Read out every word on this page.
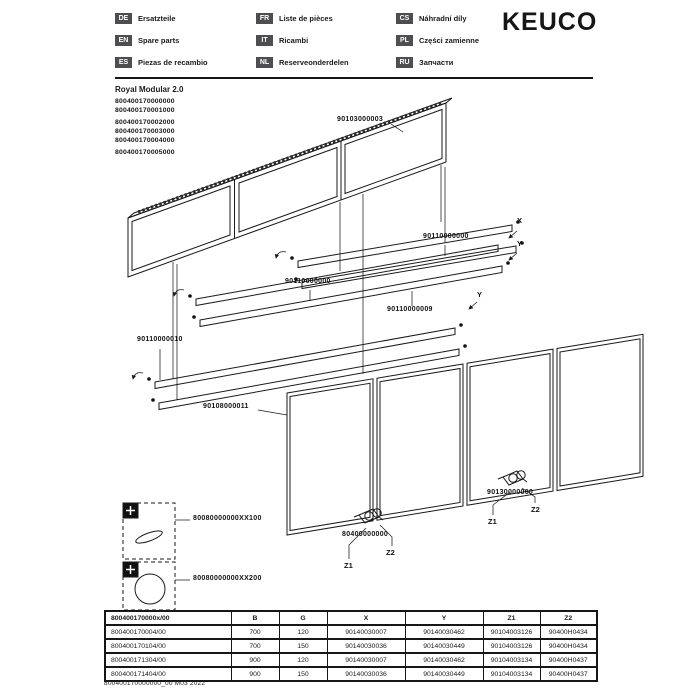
DE	Ersatzteile
EN	Spare parts
ES	Piezas de recambio
FR	Liste de pièces
IT	Ricambi
NL	Reserveonderdelen
CS	Náhradní díly
PL	Części zamienne
RU	Запчасти
KEUCO
Royal Modular 2.0
800400170000000
800400170001000
800400170002000
800400170003000
800400170004000
800400170005000
90103000003
90110000000
90110000000
90110000009
90110000010
90108000011
80400000000
90130000000
X
Y
Y
Z1
Z2
Z1
Z2
80080000000XX100
80080000000XX200
800400170000x/00	B	G	X	Y	Z1	Z2
800400170004/00	700	120	90140030007	90140030462	90104003126	90400H0434
800400170104/00	700	150	90140030036	90140030449	90104003126	90400H0434
800400171304/00	900	120	90140030007	90140030462	90104003134	90400H0437
800400171404/00	900	150	90140030036	90140030449	90104003134	90400H0437
800400170000000_00 M03 2022
